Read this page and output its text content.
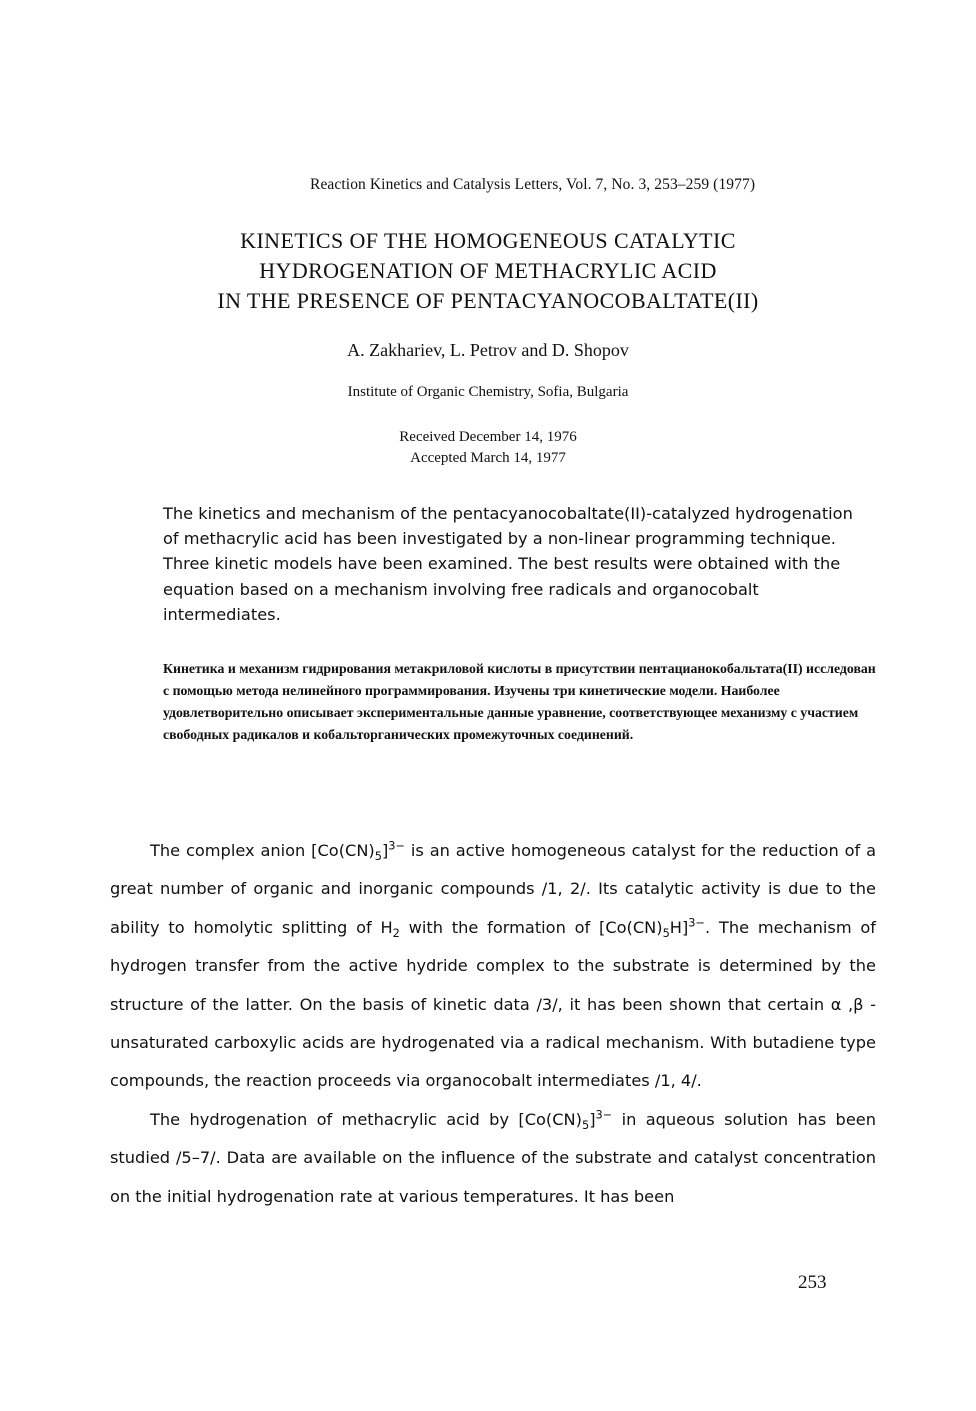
Reaction Kinetics and Catalysis Letters, Vol. 7, No. 3, 253–259 (1977)
KINETICS OF THE HOMOGENEOUS CATALYTIC
HYDROGENATION OF METHACRYLIC ACID
IN THE PRESENCE OF PENTACYANOCOBALTATE(II)
A. Zakhariev, L. Petrov and D. Shopov
Institute of Organic Chemistry, Sofia, Bulgaria
Received December 14, 1976
Accepted March 14, 1977
The kinetics and mechanism of the pentacyanocobaltate(II)-catalyzed hydrogenation of methacrylic acid has been investigated by a non-linear programming technique. Three kinetic models have been examined. The best results were obtained with the equation based on a mechanism involving free radicals and organocobalt intermediates.
Кинетика и механизм гидрирования метакриловой кислоты в присутствии пентацианокобальтата(II) исследован с помощью метода нелинейного программирования. Изучены три кинетические модели. Наиболее удовлетворительно описывает экспериментальные данные уравнение, соответствующее механизму с участием свободных радикалов и кобальторганических промежуточных соединений.

The complex anion $[Co(CN)_5]^{3-}$ is an active homogeneous catalyst for the reduction of a great number of organic and inorganic compounds /1, 2/. Its catalytic activity is due to the ability to homolytic splitting of $H_2$ with the formation of $[Co(CN)_5H]^{3-}$. The mechanism of hydrogen transfer from the active hydride complex to the substrate is determined by the structure of the latter. On the basis of kinetic data /3/, it has been shown that certain α ,β -unsaturated carboxylic acids are hydrogenated via a radical mechanism. With butadiene type compounds, the reaction proceeds via organocobalt intermediates /1, 4/.

The hydrogenation of methacrylic acid by $[Co(CN)_5]^{3-}$ in aqueous solution has been studied /5–7/. Data are available on the influence of the substrate and catalyst concentration on the initial hydrogenation rate at various temperatures. It has been

253
